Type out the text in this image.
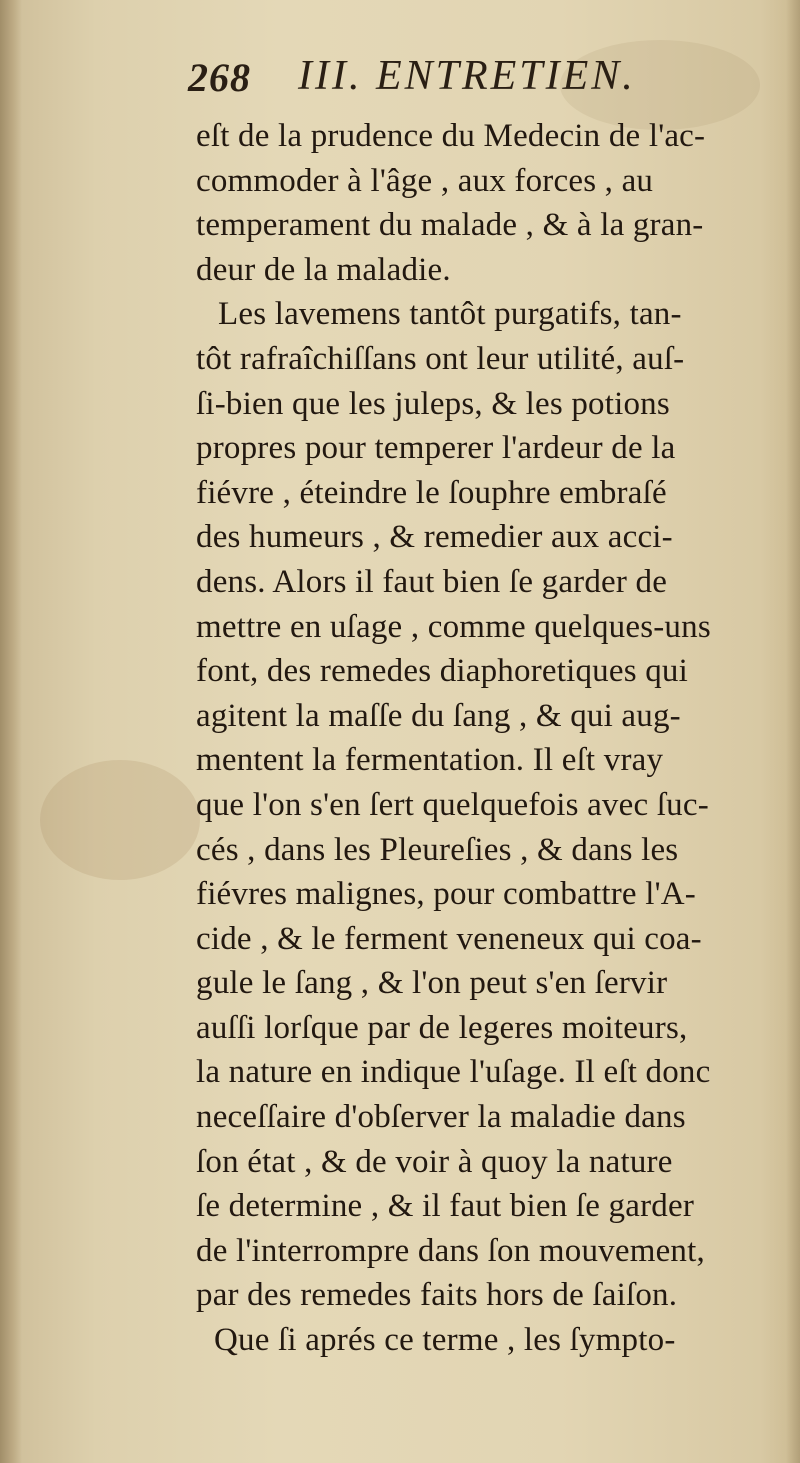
268 III. ENTRETIEN.
eſt de la prudence du Medecin de l'ac-
commoder à l'âge , aux forces , au
temperament du malade , & à la gran-
deur de la maladie.
Les lavemens tantôt purgatifs, tan-
tôt rafraîchiſſans ont leur utilité, auſ-
ſi-bien que les juleps, & les potions
propres pour temperer l'ardeur de la
fiévre , éteindre le ſouphre embraſé
des humeurs , & remedier aux acci-
dens. Alors il faut bien ſe garder de
mettre en uſage , comme quelques-uns
font, des remedes diaphoretiques qui
agitent la maſſe du ſang , & qui aug-
mentent la fermentation. Il eſt vray
que l'on s'en ſert quelquefois avec ſuc-
cés , dans les Pleureſies , & dans les
fiévres malignes, pour combattre l'A-
cide , & le ferment veneneux qui coa-
gule le ſang , & l'on peut s'en ſervir
auſſi lorſque par de legeres moiteurs,
la nature en indique l'uſage. Il eſt donc
neceſſaire d'obſerver la maladie dans
ſon état , & de voir à quoy la nature
ſe determine , & il faut bien ſe garder
de l'interrompre dans ſon mouvement,
par des remedes faits hors de ſaiſon.
Que ſi aprés ce terme , les ſympto-
